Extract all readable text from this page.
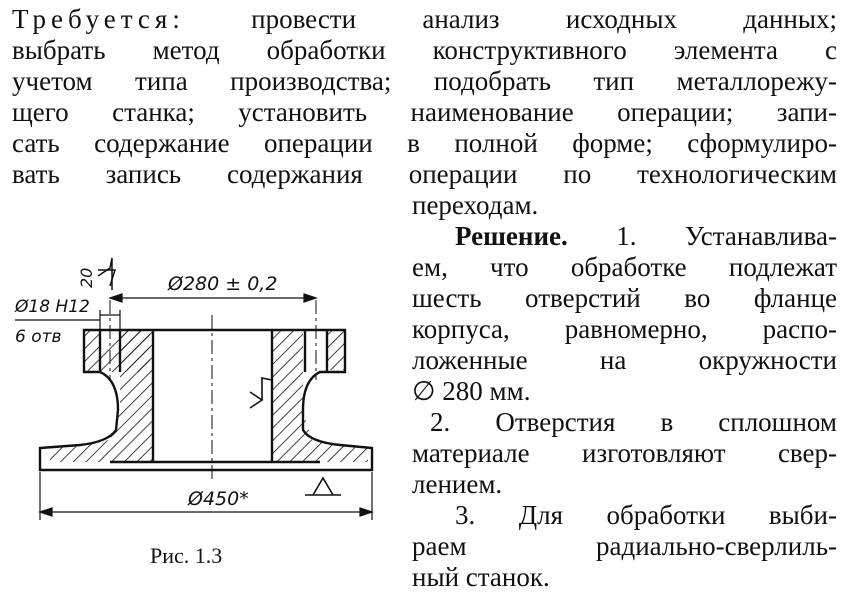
Требуется: провести анализ исходных данных;
выбрать метод обработки конструктивного элемента с
учетом типа производства; подобрать тип металлорежу-
щего станка; установить наименование операции; запи-
сать содержание операции в полной форме; сформулиро-
вать запись содержания операции по технологическим
переходам.
Решение. 1. Устанавлива-
ем, что обработке подлежат
шесть отверстий во фланце
корпуса, равномерно, распо-
ложенные на окружности
∅ 280 мм.
2. Отверстия в сплошном
материале изготовляют свер-
лением.
3. Для обработки выби-
раем радиально-сверлиль-
ный станок.
Ø280 ± 0,2
Ø450*
Ø18 Н12
6 отв
20
Рис. 1.3
